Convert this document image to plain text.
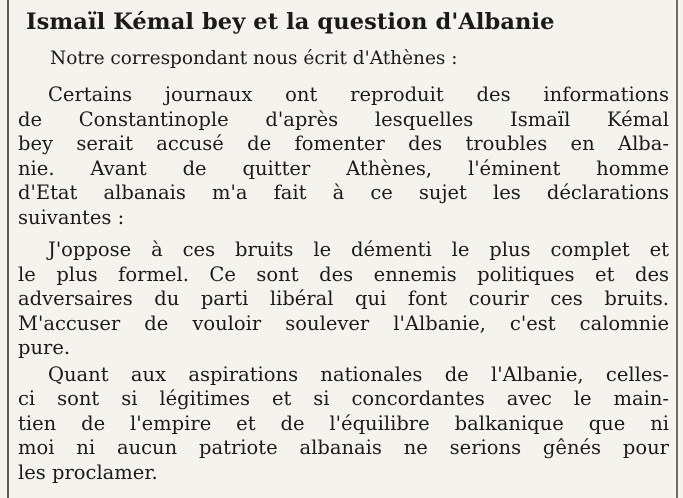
Ismaïl Kémal bey et la question d'Albanie

Notre correspondant nous écrit d'Athènes :

Certains journaux ont reproduit des informations
de Constantinople d'après lesquelles Ismaïl Kémal
bey serait accusé de fomenter des troubles en Alba-
nie. Avant de quitter Athènes, l'éminent homme
d'Etat albanais m'a fait à ce sujet les déclarations
suivantes :
J'oppose à ces bruits le démenti le plus complet et
le plus formel. Ce sont des ennemis politiques et des
adversaires du parti libéral qui font courir ces bruits.
M'accuser de vouloir soulever l'Albanie, c'est calomnie
pure.
Quant aux aspirations nationales de l'Albanie, celles-
ci sont si légitimes et si concordantes avec le main-
tien de l'empire et de l'équilibre balkanique que ni
moi ni aucun patriote albanais ne serions gênés pour
les proclamer.
